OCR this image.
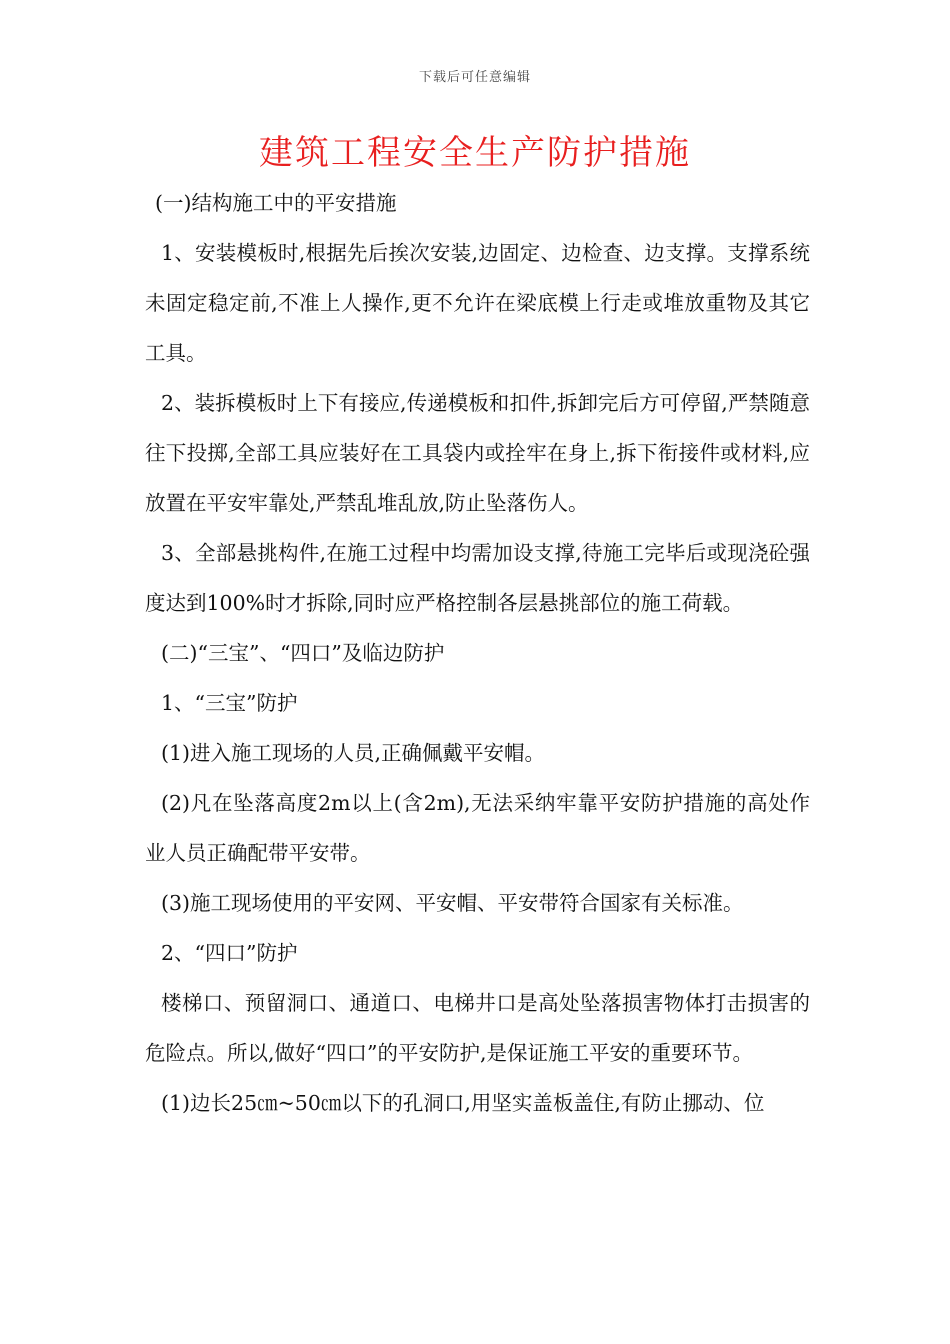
下载后可任意编辑
建筑工程安全生产防护措施

(一)结构施工中的平安措施

1、安装模板时,根据先后挨次安装,边固定、边检查、边支撑。支撑系统未固定稳定前,不准上人操作,更不允许在梁底模上行走或堆放重物及其它工具。

2、装拆模板时上下有接应,传递模板和扣件,拆卸完后方可停留,严禁随意往下投掷,全部工具应装好在工具袋内或拴牢在身上,拆下衔接件或材料,应放置在平安牢靠处,严禁乱堆乱放,防止坠落伤人。

3、全部悬挑构件,在施工过程中均需加设支撑,待施工完毕后或现浇砼强度达到100%时才拆除,同时应严格控制各层悬挑部位的施工荷载。

(二)“三宝”、“四口”及临边防护

1、“三宝”防护

(1)进入施工现场的人员,正确佩戴平安帽。

(2)凡在坠落高度2m以上(含2m),无法采纳牢靠平安防护措施的高处作业人员正确配带平安带。

(3)施工现场使用的平安网、平安帽、平安带符合国家有关标准。

2、“四口”防护

楼梯口、预留洞口、通道口、电梯井口是高处坠落损害物体打击损害的危险点。所以,做好“四口”的平安防护,是保证施工平安的重要环节。

(1)边长25㎝~50㎝以下的孔洞口,用坚实盖板盖住,有防止挪动、位
